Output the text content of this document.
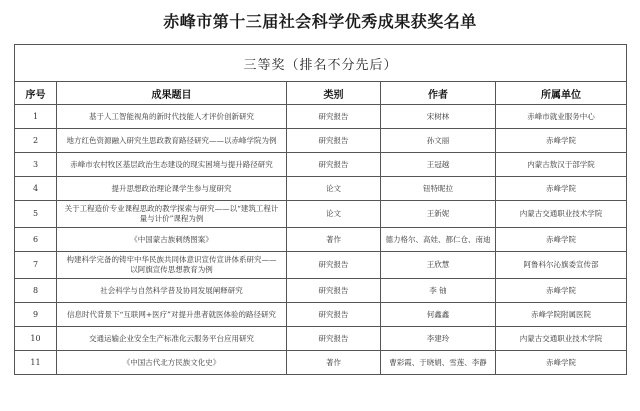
赤峰市第十三届社会科学优秀成果获奖名单
三等奖（排名不分先后）				
序号	成果题目	类别	作者	所属单位
1	基于人工智能视角的新时代技能人才评价创新研究	研究报告	宋树林	赤峰市就业服务中心
2	地方红色资源融入研究生思政教育路径研究——以赤峰学院为例	研究报告	孙文丽	赤峰学院
3	赤峰市农村牧区基层政治生态建设的现实困境与提升路径研究	研究报告	王冠越	内蒙古敖汉于部学院
4	提升思想政治理论课学生参与度研究	论文	钮特昵拉	赤峰学院
5	关于工程造价专业课程思政的教学探索与研究——以“建筑工程计量与计价”课程为例	论文	王新妮	内蒙古交通职业技术学院
6	《中国蒙古族刺绣图案》	著作	德力格尔、高娃、都仁仓、南迪	赤峰学院
7	构建科学完备的铸牢中华民族共同体意识宣传宣讲体系研究——以阿旗宣传思想教育为例	研究报告	王欣慧	阿鲁科尔沁旗委宣传部
8	社会科学与自然科学普及协同发展阐释研究	研究报告	李 铀	赤峰学院
9	信息时代背景下“互联网+医疗”对提升患者就医体验的路径研究	研究报告	何鑫鑫	赤峰学院附属医院
10	交通运输企业安全生产标准化云服务平台应用研究	研究报告	李建玲	内蒙古交通职业技术学院
11	《中国古代北方民族文化史》	著作	曹彩霞、于晓娟、雪莲、李静	赤峰学院
